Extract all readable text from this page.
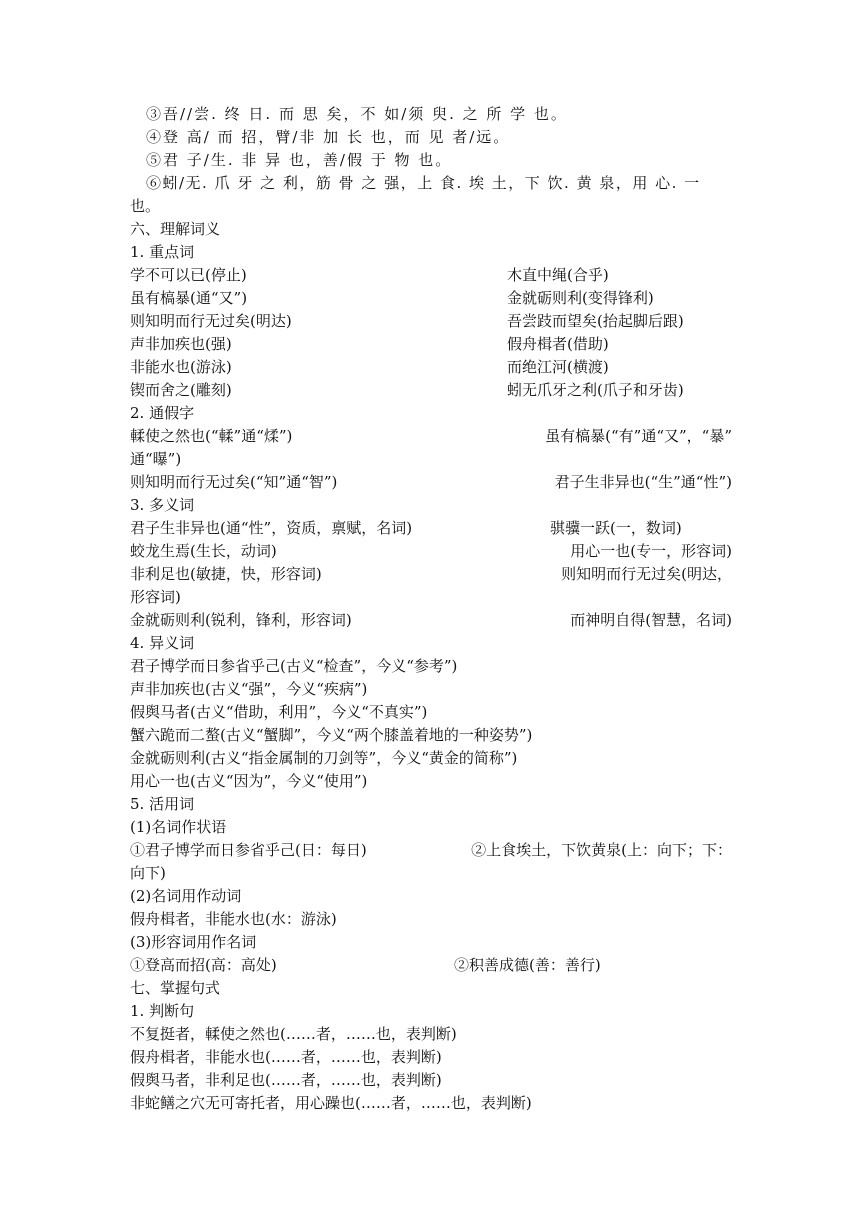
③吾//尝. 终 日. 而 思 矣，不 如/须 臾. 之 所 学 也。
④登 高/ 而 招，臂/非 加 长 也，而 见 者/远。
⑤君 子/生. 非 异 也，善/假 于 物 也。
⑥蚓/无. 爪 牙 之 利，筋 骨 之 强，上 食. 埃 土，下 饮. 黄 泉，用 心. 一
也。
六、理解词义
1. 重点词
学不可以已(停止)	木直中绳(合乎)
虽有槁暴(通“又”)	金就砺则利(变得锋利)
则知明而行无过矣(明达)	吾尝跂而望矣(抬起脚后跟)
声非加疾也(强)	假舟楫者(借助)
非能水也(游泳)	而绝江河(横渡)
锲而舍之(雕刻)	蚓无爪牙之利(爪子和牙齿)
2. 通假字
輮使之然也(“輮”通“煣”)	虽有槁暴(“有”通“又”，“暴”
通“曝”)
则知明而行无过矣(“知”通“智”)	君子生非异也(“生”通“性”)
3. 多义词
君子生非异也(通“性”，资质，禀赋，名词)	骐骥一跃(一，数词)
蛟龙生焉(生长，动词)	用心一也(专一，形容词)
非利足也(敏捷，快，形容词)	则知明而行无过矣(明达，
形容词)
金就砺则利(锐利，锋利，形容词)	而神明自得(智慧，名词)
4. 异义词
君子博学而日参省乎己(古义“检查”，今义“参考”)
声非加疾也(古义“强”，今义“疾病”)
假舆马者(古义“借助，利用”，今义“不真实”)
蟹六跪而二螯(古义“蟹脚”，今义“两个膝盖着地的一种姿势”)
金就砺则利(古义“指金属制的刀剑等”，今义“黄金的简称”)
用心一也(古义“因为”，今义“使用”)
5. 活用词
(1)名词作状语
①君子博学而日参省乎己(日：每日)	②上食埃土，下饮黄泉(上：向下；下：
向下)
(2)名词用作动词
假舟楫者，非能水也(水：游泳)
(3)形容词用作名词
①登高而招(高：高处)	②积善成德(善：善行)
七、掌握句式
1. 判断句
不复挺者，輮使之然也(……者，……也，表判断)
假舟楫者，非能水也(……者，……也，表判断)
假舆马者，非利足也(……者，……也，表判断)
非蛇鳝之穴无可寄托者，用心躁也(……者，……也，表判断)
